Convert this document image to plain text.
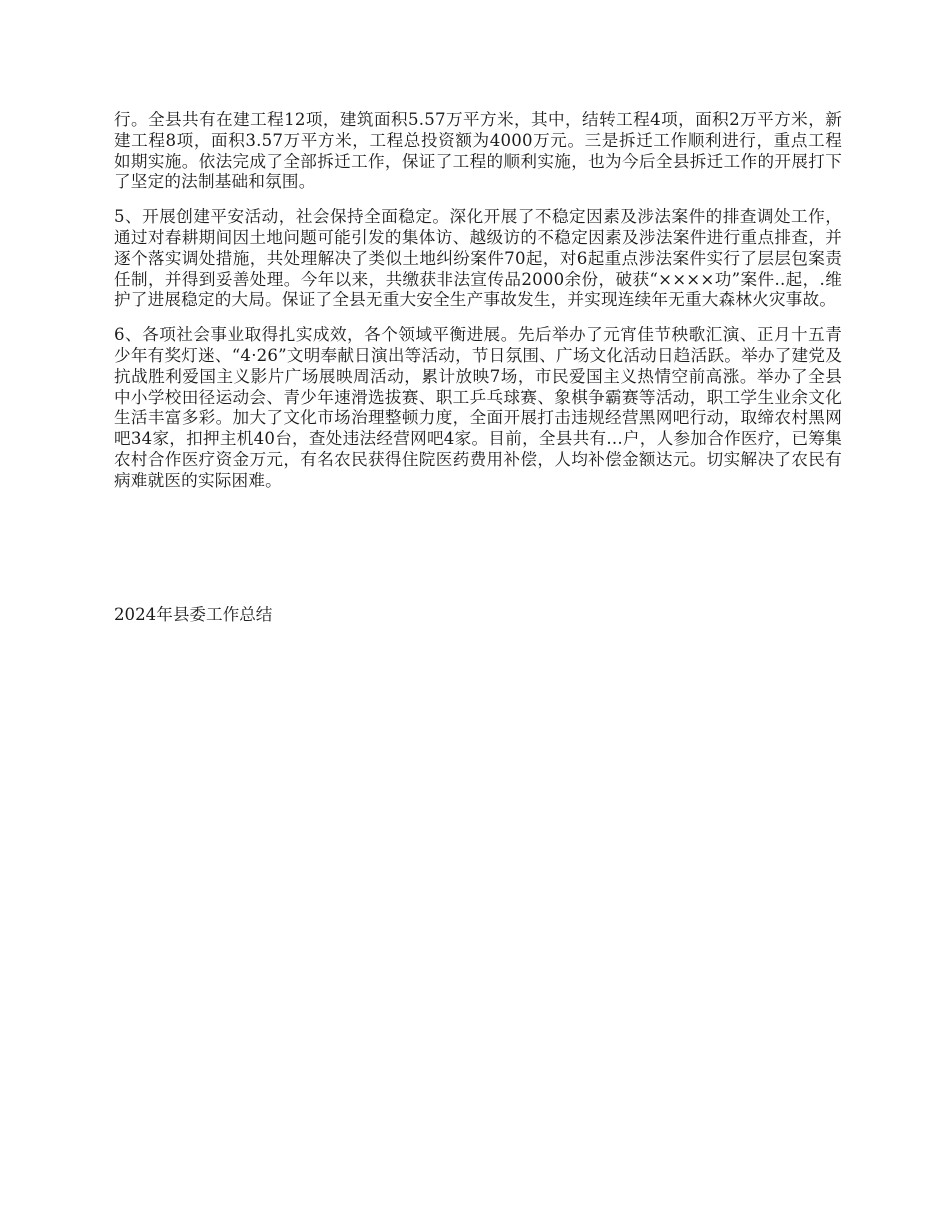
行。全县共有在建工程12项，建筑面积5.57万平方米，其中，结转工程4项，面积2万平方米，新建工程8项，面积3.57万平方米，工程总投资额为4000万元。三是拆迁工作顺利进行，重点工程如期实施。依法完成了全部拆迁工作，保证了工程的顺利实施，也为今后全县拆迁工作的开展打下了坚定的法制基础和氛围。

5、开展创建平安活动，社会保持全面稳定。深化开展了不稳定因素及涉法案件的排查调处工作，通过对春耕期间因土地问题可能引发的集体访、越级访的不稳定因素及涉法案件进行重点排查，并逐个落实调处措施，共处理解决了类似土地纠纷案件70起，对6起重点涉法案件实行了层层包案责任制，并得到妥善处理。今年以来，共缴获非法宣传品2000余份，破获“××××功”案件..起，.维护了进展稳定的大局。保证了全县无重大安全生产事故发生，并实现连续年无重大森林火灾事故。

6、各项社会事业取得扎实成效，各个领域平衡进展。先后举办了元宵佳节秧歌汇演、正月十五青少年有奖灯迷、“4·26”文明奉献日演出等活动，节日氛围、广场文化活动日趋活跃。举办了建党及抗战胜利爱国主义影片广场展映周活动，累计放映7场，市民爱国主义热情空前高涨。举办了全县中小学校田径运动会、青少年速滑选拔赛、职工乒乓球赛、象棋争霸赛等活动，职工学生业余文化生活丰富多彩。加大了文化市场治理整顿力度，全面开展打击违规经营黑网吧行动，取缔农村黑网吧34家，扣押主机40台，查处违法经营网吧4家。目前，全县共有...户，人参加合作医疗，已筹集农村合作医疗资金万元，有名农民获得住院医药费用补偿，人均补偿金额达元。切实解决了农民有病难就医的实际困难。

2024年县委工作总结
